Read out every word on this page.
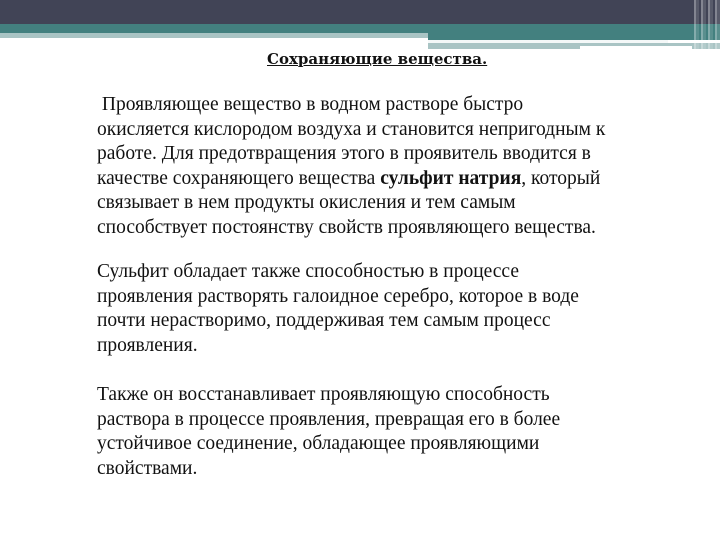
Сохраняющие вещества.
Проявляющее вещество в водном растворе быстро
окисляется кислородом воздуха и становится непригодным к
работе. Для предотвращения этого в проявитель вводится в
качестве сохраняющего вещества сульфит натрия, который
связывает в нем продукты окисления и тем самым
способствует постоянству свойств проявляющего вещества.
Сульфит обладает также способностью в процессе
проявления растворять галоидное серебро, которое в воде
почти нерастворимо, поддерживая тем самым процесс
проявления.
Также он восстанавливает проявляющую способность
раствора в процессе проявления, превращая его в более
устойчивое соединение, обладающее проявляющими
свойствами.
